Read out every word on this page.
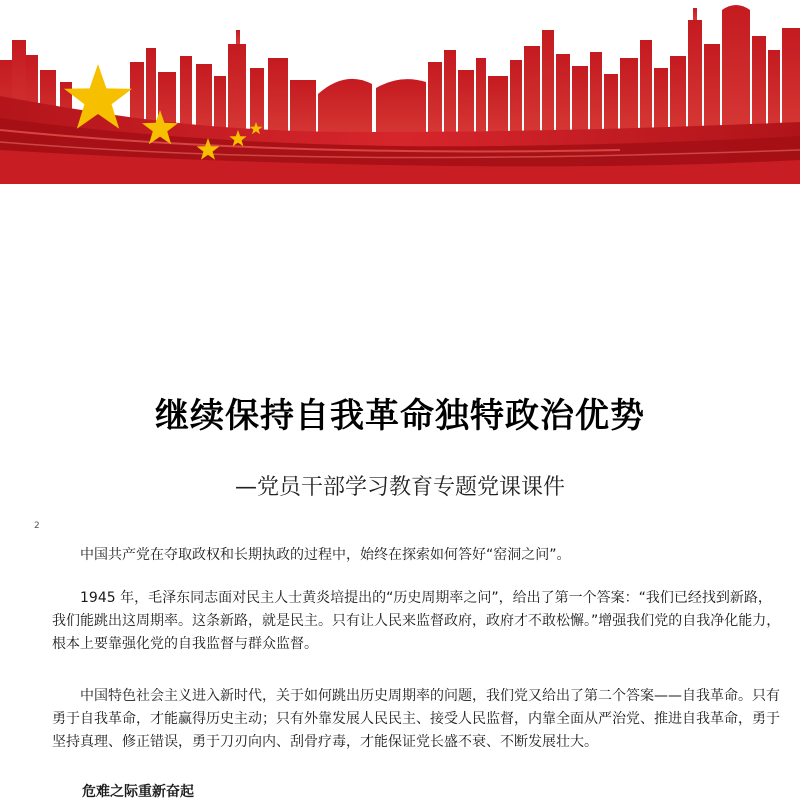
继续保持自我革命独特政治优势
—党员干部学习教育专题党课课件
2

中国共产党在夺取政权和长期执政的过程中，始终在探索如何答好“窑洞之问”。

1945 年，毛泽东同志面对民主人士黄炎培提出的“历史周期率之问”，给出了第一个答案：“我们已经找到新路，我们能跳出这周期率。这条新路，就是民主。只有让人民来监督政府，政府才不敢松懈。”增强我们党的自我净化能力，根本上要靠强化党的自我监督与群众监督。

中国特色社会主义进入新时代，关于如何跳出历史周期率的问题，我们党又给出了第二个答案——自我革命。只有勇于自我革命，才能赢得历史主动；只有外靠发展人民民主、接受人民监督，内靠全面从严治党、推进自我革命，勇于坚持真理、修正错误，勇于刀刃向内、刮骨疗毒，才能保证党长盛不衰、不断发展壮大。

危难之际重新奋起
